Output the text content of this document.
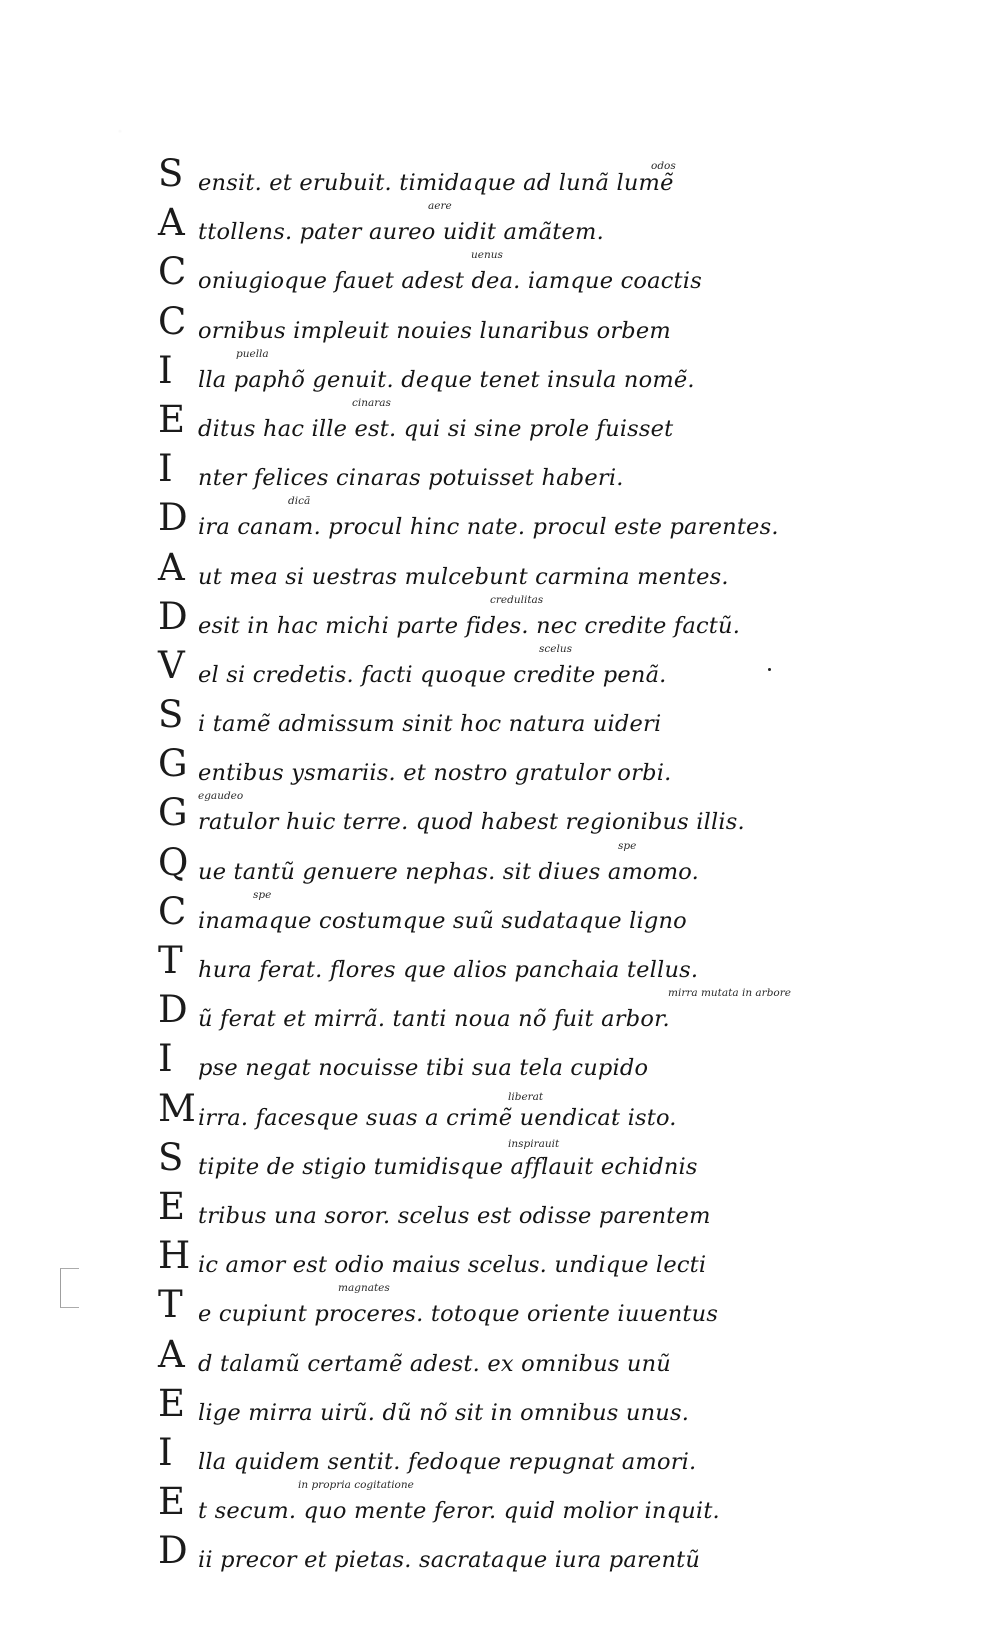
S ensit. et erubuit. timidaque ad lunã lumẽ
odos
A ttollens. pater aureo uidit amãtem.
aere
C oniugioque fauet adest dea. iamque coactis
uenus
C ornibus impleuit nouies lunaribus orbem
I	lla paphõ genuit. deque tenet insula nomẽ.
puella
E ditus hac ille est. qui si sine prole fuisset
cinaras
I	nter felices cinaras potuisset haberi.
D ira canam. procul hinc nate. procul este parentes.
dicã
A ut mea si uestras mulcebunt carmina mentes.
D esit in hac michi parte fides. nec credite factũ.
credulitas
V el si credetis. facti quoque credite penã.
scelus
S i tamẽ admissum sinit hoc natura uideri
G entibus ysmariis. et nostro gratulor orbi.
G ratulor huic terre. quod habest regionibus illis.
egaudeo
Q ue tantũ genuere nephas. sit diues amomo.
spe
C inamaque costumque suũ sudataque ligno
spe
T hura ferat. flores que alios panchaia tellus.
D ũ ferat et mirrã. tanti noua nõ fuit arbor.
mirra mutata in arbore
I	pse negat nocuisse tibi sua tela cupido
M irra. facesque suas a crimẽ uendicat isto.
liberat
S tipite de stigio tumidisque afflauit echidnis
inspirauit
E tribus una soror. scelus est odisse parentem
H ic amor est odio maius scelus. undique lecti
T e cupiunt proceres. totoque oriente iuuentus
magnates
A d talamũ certamẽ adest. ex omnibus unũ
E lige mirra uirũ. dũ nõ sit in omnibus unus.
I	lla quidem sentit. fedoque repugnat amori.
E t secum. quo mente feror. quid molior inquit.
in propria cogitatione
D ii precor et pietas. sacrataque iura parentũ
